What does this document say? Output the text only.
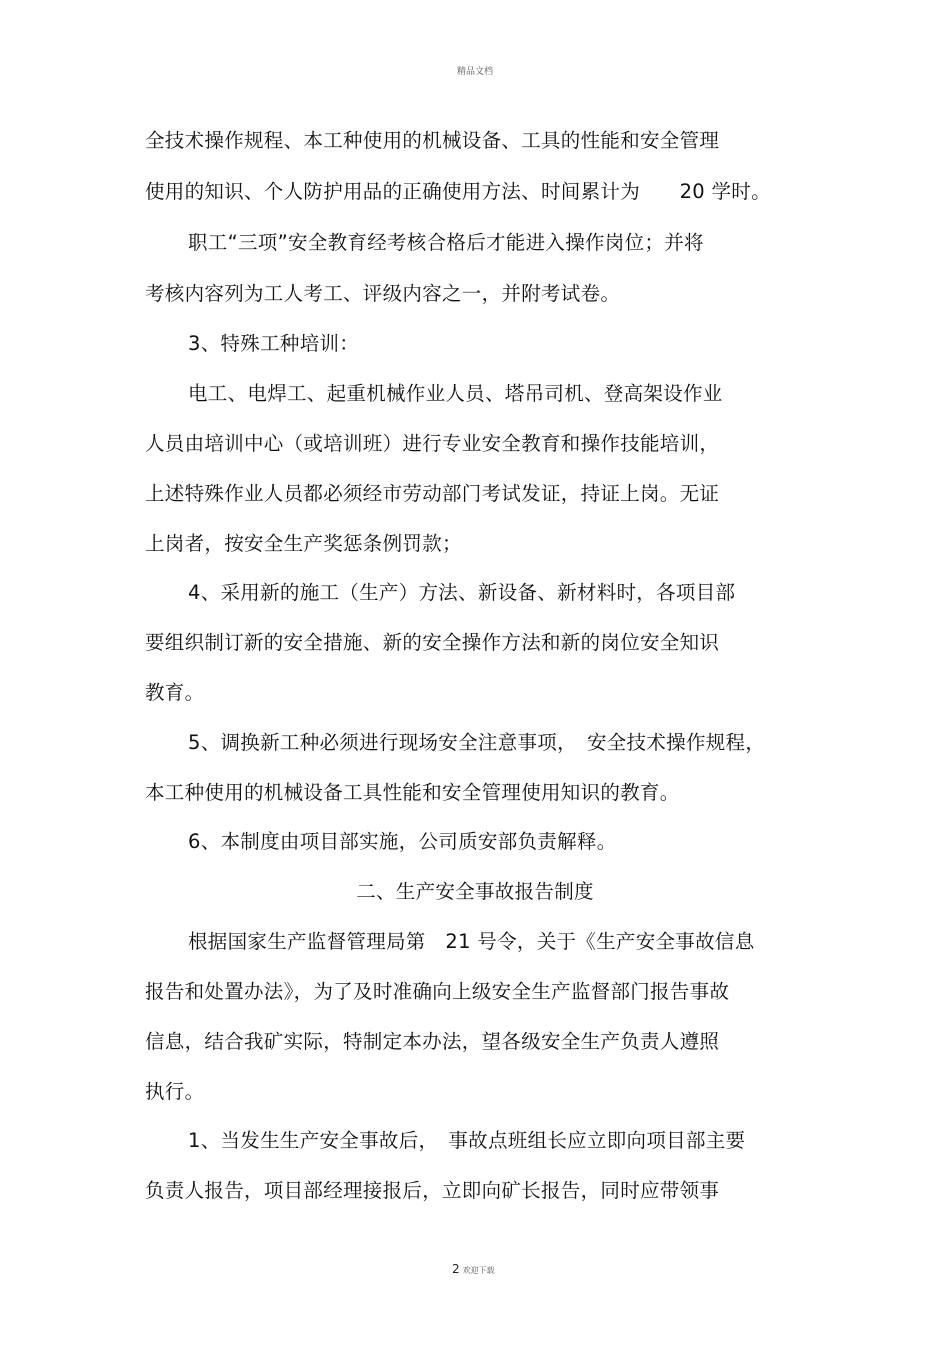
精品文档
全技术操作规程、本工种使用的机械设备、工具的性能和安全管理
使用的知识、个人防护用品的正确使用方法、时间累计为　　20 学时。
职工“三项”安全教育经考核合格后才能进入操作岗位；并将
考核内容列为工人考工、评级内容之一，并附考试卷。
3、特殊工种培训：
电工、电焊工、起重机械作业人员、塔吊司机、登高架设作业
人员由培训中心（或培训班）进行专业安全教育和操作技能培训，
上述特殊作业人员都必须经市劳动部门考试发证，持证上岗。无证
上岗者，按安全生产奖惩条例罚款；
4、采用新的施工（生产）方法、新设备、新材料时，各项目部
要组织制订新的安全措施、新的安全操作方法和新的岗位安全知识
教育。
5、调换新工种必须进行现场安全注意事项，　安全技术操作规程，
本工种使用的机械设备工具性能和安全管理使用知识的教育。
6、本制度由项目部实施，公司质安部负责解释。
二、生产安全事故报告制度
根据国家生产监督管理局第　21 号令，关于《生产安全事故信息
报告和处置办法》，为了及时准确向上级安全生产监督部门报告事故
信息，结合我矿实际，特制定本办法，望各级安全生产负责人遵照
执行。
1、当发生生产安全事故后，　事故点班组长应立即向项目部主要
负责人报告，项目部经理接报后，立即向矿长报告，同时应带领事
2 欢迎下载
